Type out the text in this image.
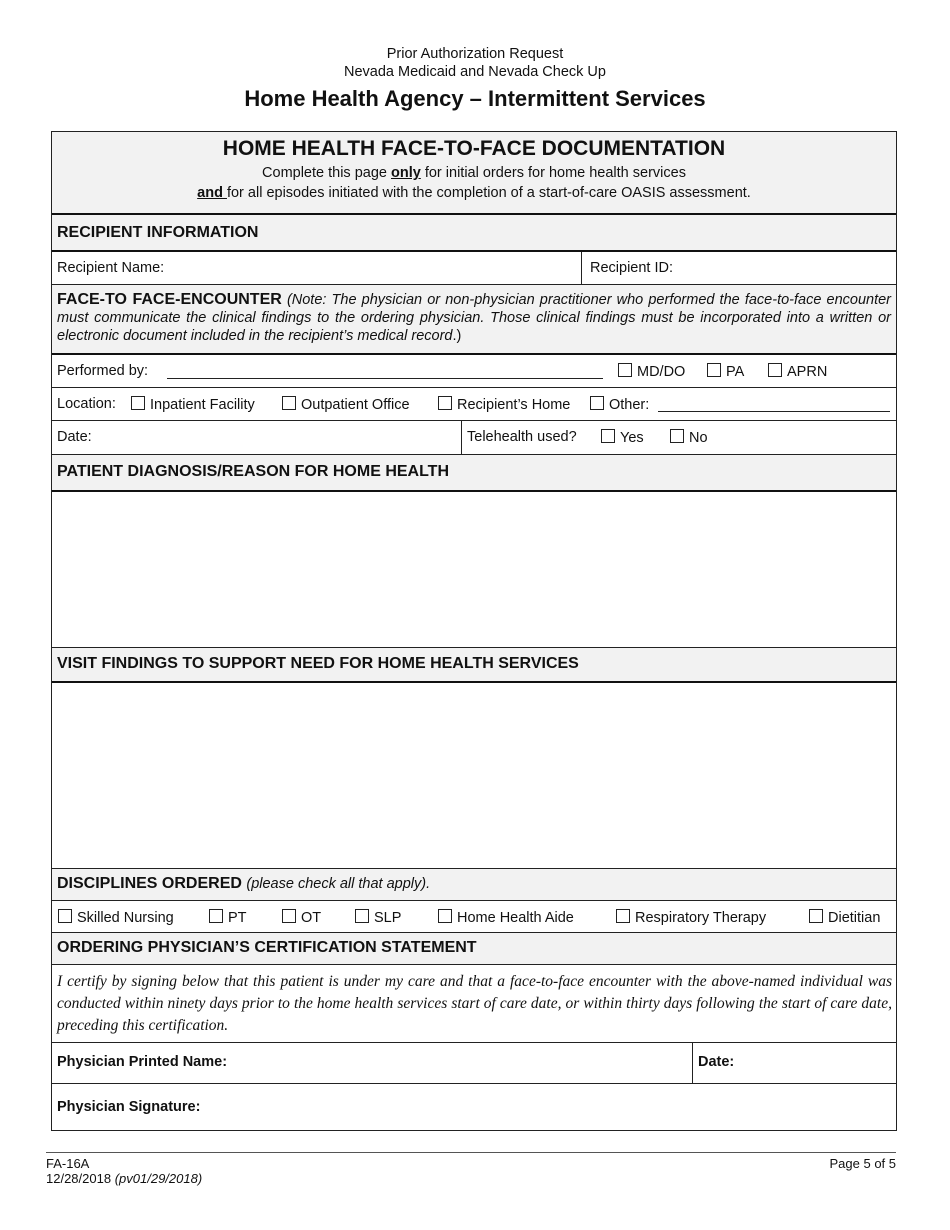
Prior Authorization Request
Nevada Medicaid and Nevada Check Up
Home Health Agency – Intermittent Services
HOME HEALTH FACE-TO-FACE DOCUMENTATION
Complete this page only for initial orders for home health services
and for all episodes initiated with the completion of a start-of-care OASIS assessment.
RECIPIENT INFORMATION
Recipient Name:	Recipient ID:
FACE-TO FACE-ENCOUNTER (Note: The physician or non-physician practitioner who performed the face-to-face encounter must communicate the clinical findings to the ordering physician. Those clinical findings must be incorporated into a written or electronic document included in the recipient’s medical record.)
Performed by:	MD/DO	PA	APRN
Location:	Inpatient Facility	Outpatient Office	Recipient’s Home	Other:
Date:	Telehealth used?	Yes	No
PATIENT DIAGNOSIS/REASON FOR HOME HEALTH
VISIT FINDINGS TO SUPPORT NEED FOR HOME HEALTH SERVICES
DISCIPLINES ORDERED (please check all that apply).
Skilled Nursing	PT	OT	SLP	Home Health Aide	Respiratory Therapy	Dietitian
ORDERING PHYSICIAN’S CERTIFICATION STATEMENT
I certify by signing below that this patient is under my care and that a face-to-face encounter with the above-named individual was conducted within ninety days prior to the home health services start of care date, or within thirty days following the start of care date, preceding this certification.
Physician Printed Name:	Date:
Physician Signature:
FA-16A
12/28/2018 (pv01/29/2018)
Page 5 of 5
